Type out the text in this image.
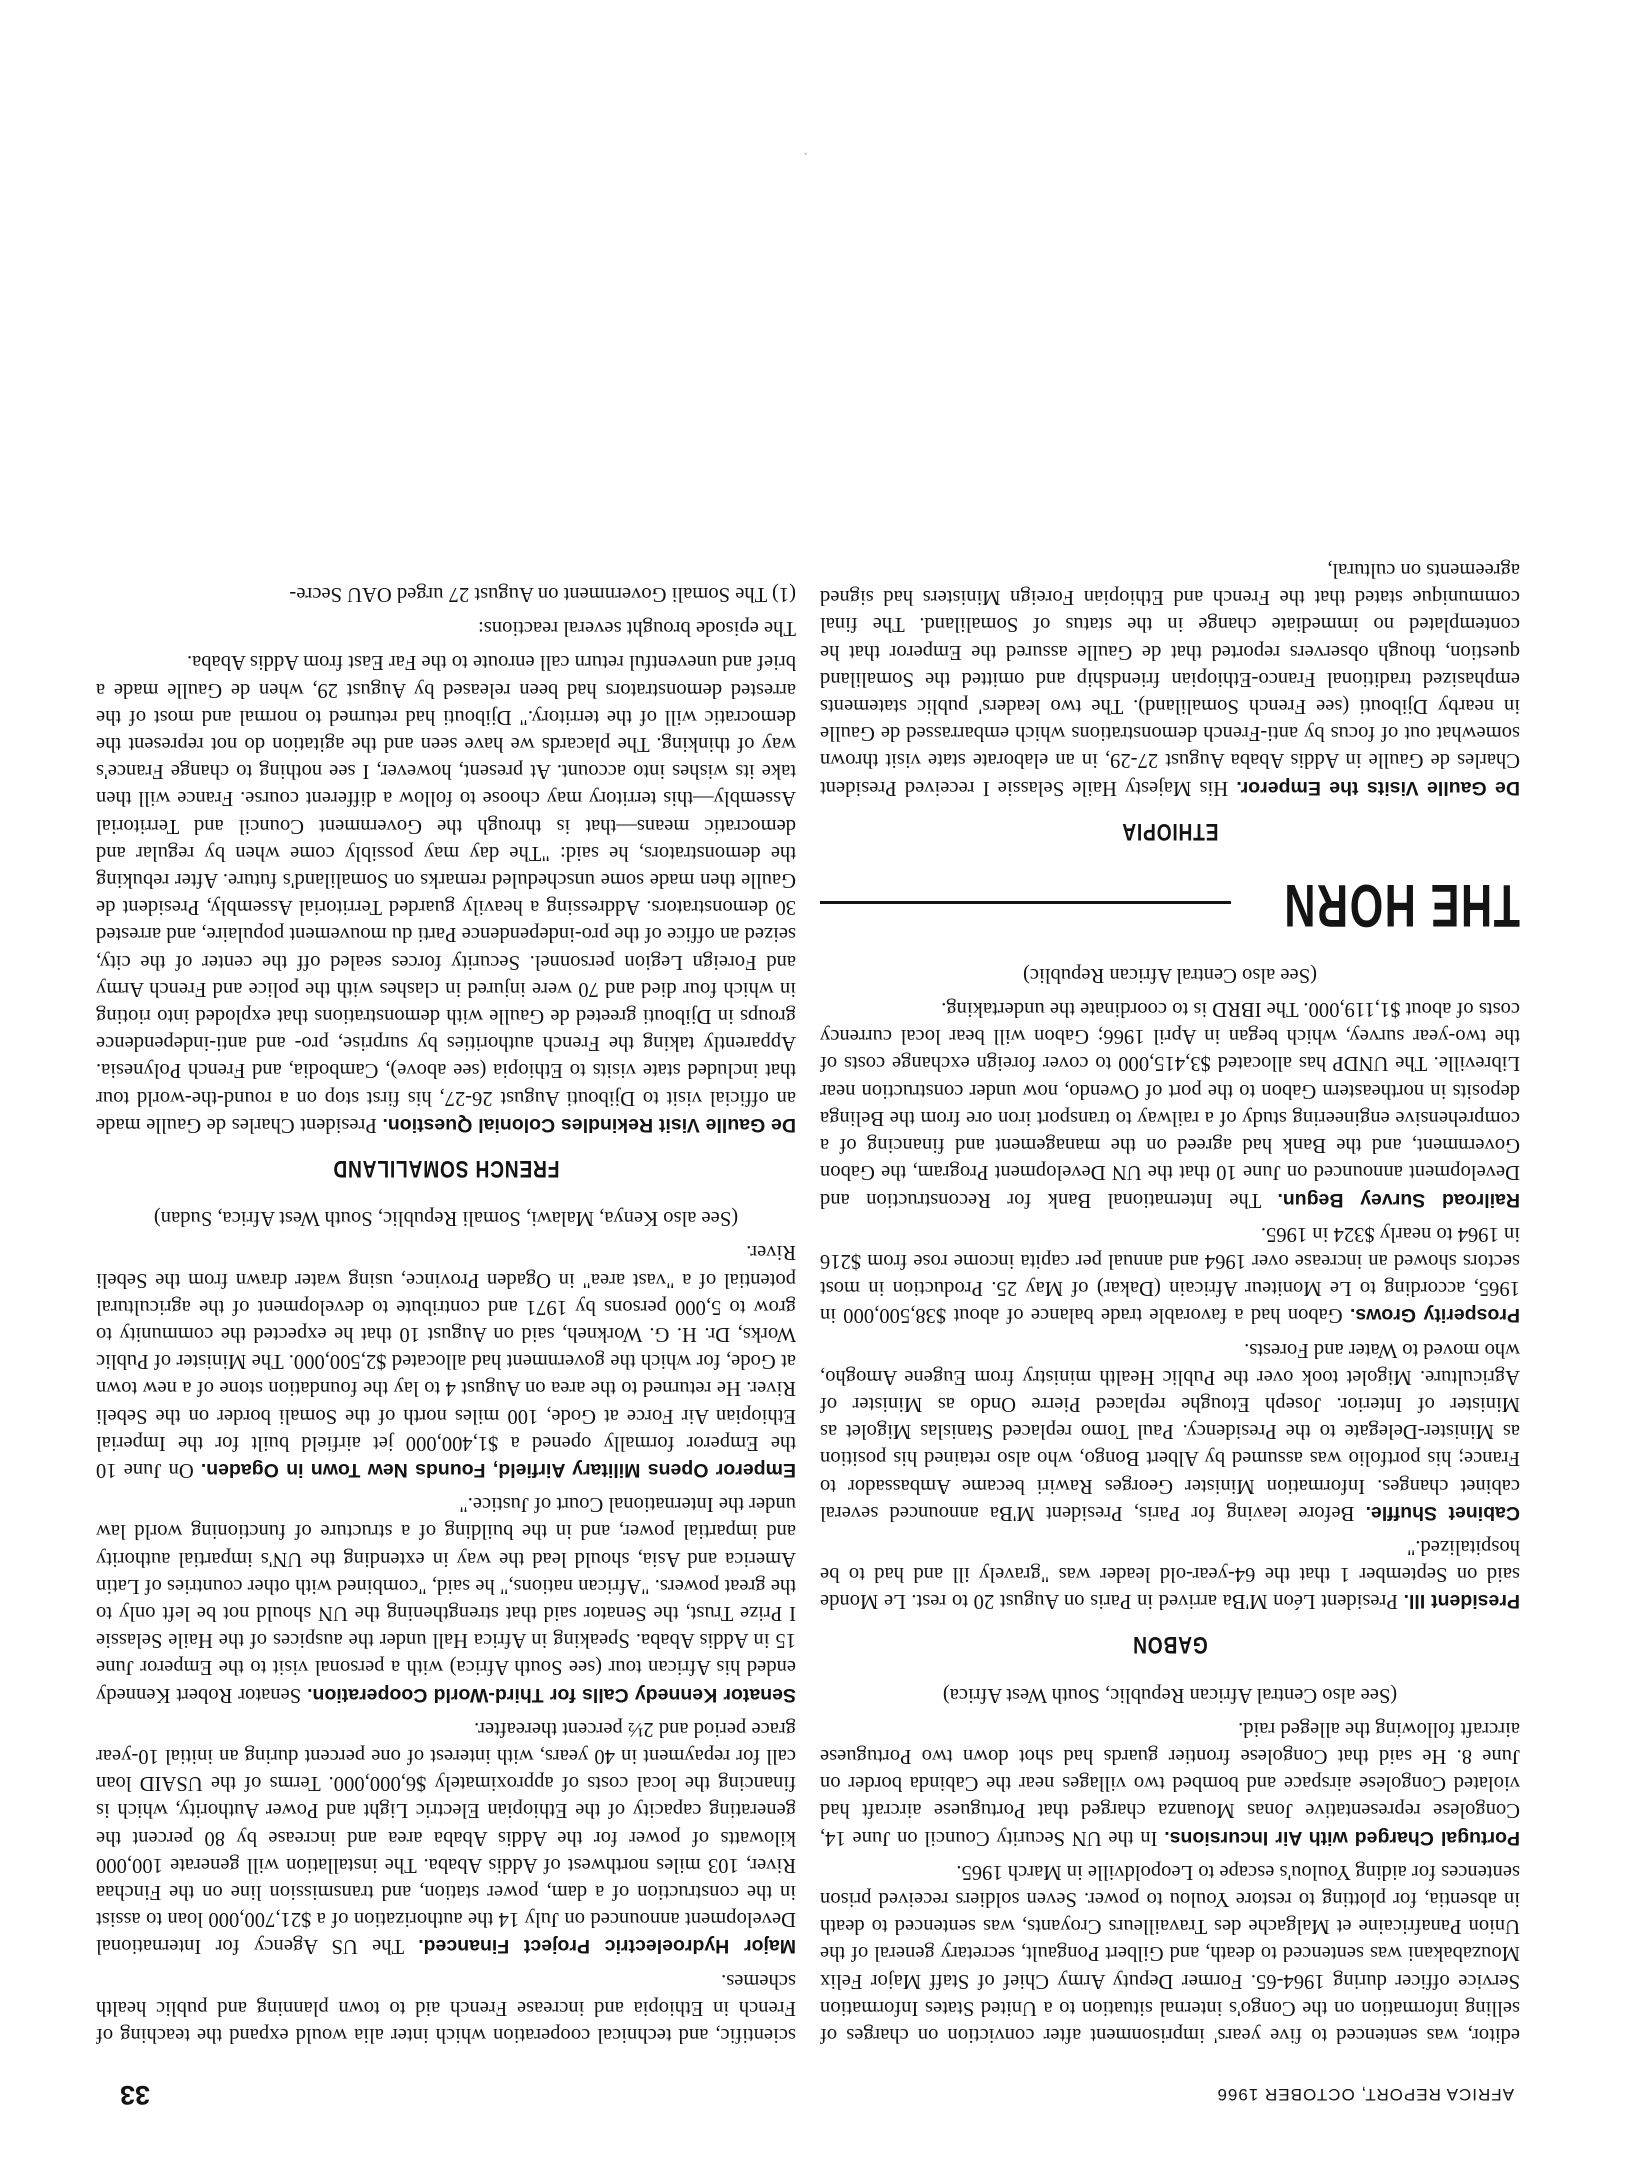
AFRICA REPORT, OCTOBER 1966
33

editor, was sentenced to five years' imprisonment after conviction on charges of selling information on the Congo's internal situation to a United States Information Service officer during 1964-65. Former Deputy Army Chief of Staff Major Felix Mouzabakani was sentenced to death, and Gilbert Pongault, secretary general of the Union Panafricaine et Malgache des Travailleurs Croyants, was sentenced to death in absentia, for plotting to restore Youlou to power. Seven soldiers received prison sentences for aiding Youlou's escape to Leopoldville in March 1965.

Portugal Charged with Air Incursions. In the UN Security Council on June 14, Congolese representative Jonas Mouanza charged that Portuguese aircraft had violated Congolese airspace and bombed two villages near the Cabinda border on June 8. He said that Congolese frontier guards had shot down two Portuguese aircraft following the alleged raid.

(See also Central African Republic, South West Africa)

GABON

President Ill. President Léon M'Ba arrived in Paris on August 20 to rest. Le Monde said on September 1 that the 64-year-old leader was "gravely ill and had to be hospitalized."

Cabinet Shuffle. Before leaving for Paris, President M'Ba announced several cabinet changes. Information Minister Georges Rawiri became Ambassador to France; his portfolio was assumed by Albert Bongo, who also retained his position as Minister-Delegate to the Presidency. Paul Tomo replaced Stanislas Migolet as Minister of Interior. Joseph Etoughe replaced Pierre Ondo as Minister of Agriculture. Migolet took over the Public Health ministry from Eugene Amogho, who moved to Water and Forests.

Prosperity Grows. Gabon had a favorable trade balance of about $38,500,000 in 1965, according to Le Moniteur Africain (Dakar) of May 25. Production in most sectors showed an increase over 1964 and annual per capita income rose from $216 in 1964 to nearly $324 in 1965.

Railroad Survey Begun. The International Bank for Reconstruction and Development announced on June 10 that the UN Development Program, the Gabon Government, and the Bank had agreed on the management and financing of a comprehensive engineering study of a railway to transport iron ore from the Belinga deposits in northeastern Gabon to the port of Owendo, now under construction near Libreville. The UNDP has allocated $3,415,000 to cover foreign exchange costs of the two-year survey, which began in April 1966; Gabon will bear local currency costs of about $1,119,000. The IBRD is to coordinate the undertaking.

(See also Central African Republic)

THE HORN
ETHIOPIA

De Gaulle Visits the Emperor. His Majesty Haile Selassie I received President Charles de Gaulle in Addis Ababa August 27-29, in an elaborate state visit thrown somewhat out of focus by anti-French demonstrations which embarrassed de Gaulle in nearby Djibouti (see French Somaliland). The two leaders' public statements emphasized traditional Franco-Ethiopian friendship and omitted the Somaliland question, though observers reported that de Gaulle assured the Emperor that he contemplated no immediate change in the status of Somaliland. The final communique stated that the French and Ethiopian Foreign Ministers had signed agreements on cultural,

scientific, and technical cooperation which inter alia would expand the teaching of French in Ethiopia and increase French aid to town planning and public health schemes.

Major Hydroelectric Project Financed. The US Agency for International Development announced on July 14 the authorization of a $21,700,000 loan to assist in the construction of a dam, power station, and transmission line on the Finchaa River, 103 miles northwest of Addis Ababa. The installation will generate 100,000 kilowatts of power for the Addis Ababa area and increase by 80 percent the generating capacity of the Ethiopian Electric Light and Power Authority, which is financing the local costs of approximately $6,000,000. Terms of the USAID loan call for repayment in 40 years, with interest of one percent during an initial 10-year grace period and 2½ percent thereafter.

Senator Kennedy Calls for Third-World Cooperation. Senator Robert Kennedy ended his African tour (see South Africa) with a personal visit to the Emperor June 15 in Addis Ababa. Speaking in Africa Hall under the auspices of the Haile Selassie I Prize Trust, the Senator said that strengthening the UN should not be left only to the great powers. "African nations," he said, "combined with other countries of Latin America and Asia, should lead the way in extending the UN's impartial authority and impartial power, and in the building of a structure of functioning world law under the International Court of Justice."

Emperor Opens Military Airfield, Founds New Town in Ogaden. On June 10 the Emperor formally opened a $1,400,000 jet airfield built for the Imperial Ethiopian Air Force at Gode, 100 miles north of the Somali border on the Sebeli River. He returned to the area on August 4 to lay the foundation stone of a new town at Gode, for which the government had allocated $2,500,000. The Minister of Public Works, Dr. H. G. Workneh, said on August 10 that he expected the community to grow to 5,000 persons by 1971 and contribute to development of the agricultural potential of a "vast area" in Ogaden Province, using water drawn from the Sebeli River.

(See also Kenya, Malawi, Somali Republic, South West Africa, Sudan)

FRENCH SOMALILAND

De Gaulle Visit Rekindles Colonial Question. President Charles de Gaulle made an official visit to Djibouti August 26-27, his first stop on a round-the-world tour that included state visits to Ethiopia (see above), Cambodia, and French Polynesia. Apparently taking the French authorities by surprise, pro- and anti-independence groups in Djibouti greeted de Gaulle with demonstrations that exploded into rioting in which four died and 70 were injured in clashes with the police and French Army and Foreign Legion personnel. Security forces sealed off the center of the city, seized an office of the pro-independence Parti du mouvement populaire, and arrested 30 demonstrators. Addressing a heavily guarded Territorial Assembly, President de Gaulle then made some unscheduled remarks on Somaliland's future. After rebuking the demonstrators, he said: "The day may possibly come when by regular and democratic means—that is through the Government Council and Territorial Assembly—this territory may choose to follow a different course. France will then take its wishes into account. At present, however, I see nothing to change France's way of thinking. The placards we have seen and the agitation do not represent the democratic will of the territory." Djibouti had returned to normal and most of the arrested demonstrators had been released by August 29, when de Gaulle made a brief and uneventful return call enroute to the Far East from Addis Ababa.

The episode brought several reactions:

(1) The Somali Government on August 27 urged OAU Secre-

·
